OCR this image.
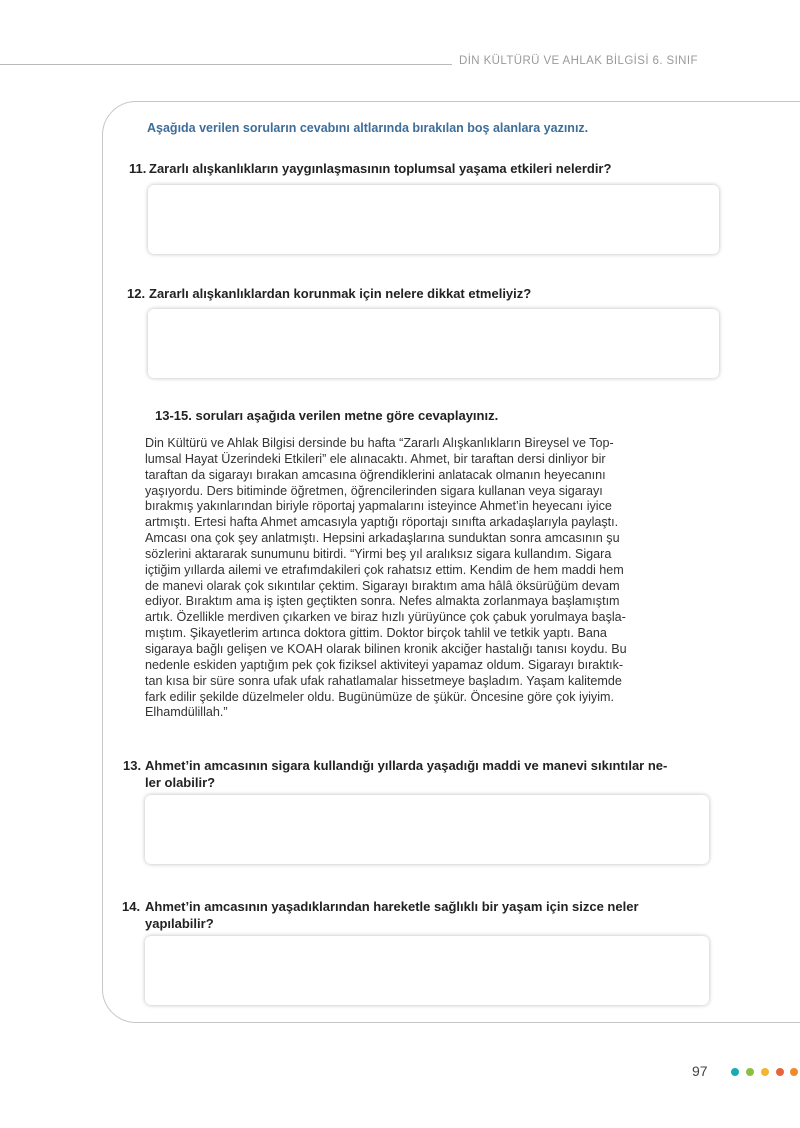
DİN KÜLTÜRÜ VE AHLAK BİLGİSİ 6. SINIF
Aşağıda verilen soruların cevabını altlarında bırakılan boş alanlara yazınız.
11. Zararlı alışkanlıkların yaygınlaşmasının toplumsal yaşama etkileri nelerdir?
12. Zararlı alışkanlıklardan korunmak için nelere dikkat etmeliyiz?
13-15. soruları aşağıda verilen metne göre cevaplayınız.
Din Kültürü ve Ahlak Bilgisi dersinde bu hafta “Zararlı Alışkanlıkların Bireysel ve Top-
lumsal Hayat Üzerindeki Etkileri” ele alınacaktı. Ahmet, bir taraftan dersi dinliyor bir
taraftan da sigarayı bırakan amcasına öğrendiklerini anlatacak olmanın heyecanını
yaşıyordu. Ders bitiminde öğretmen, öğrencilerinden sigara kullanan veya sigarayı
bırakmış yakınlarından biriyle röportaj yapmalarını isteyince Ahmet’in heyecanı iyice
artmıştı. Ertesi hafta Ahmet amcasıyla yaptığı röportajı sınıfta arkadaşlarıyla paylaştı.
Amcası ona çok şey anlatmıştı. Hepsini arkadaşlarına sunduktan sonra amcasının şu
sözlerini aktararak sunumunu bitirdi. “Yirmi beş yıl aralıksız sigara kullandım. Sigara
içtiğim yıllarda ailemi ve etrafımdakileri çok rahatsız ettim. Kendim de hem maddi hem
de manevi olarak çok sıkıntılar çektim. Sigarayı bıraktım ama hâlâ öksürüğüm devam
ediyor. Bıraktım ama iş işten geçtikten sonra. Nefes almakta zorlanmaya başlamıştım
artık. Özellikle merdiven çıkarken ve biraz hızlı yürüyünce çok çabuk yorulmaya başla-
mıştım. Şikayetlerim artınca doktora gittim. Doktor birçok tahlil ve tetkik yaptı. Bana
sigaraya bağlı gelişen ve KOAH olarak bilinen kronik akciğer hastalığı tanısı koydu. Bu
nedenle eskiden yaptığım pek çok fiziksel aktiviteyi yapamaz oldum. Sigarayı bıraktık-
tan kısa bir süre sonra ufak ufak rahatlamalar hissetmeye başladım. Yaşam kalitemde
fark edilir şekilde düzelmeler oldu. Bugünümüze de şükür. Öncesine göre çok iyiyim.
Elhamdülillah.”
13. Ahmet’in amcasının sigara kullandığı yıllarda yaşadığı maddi ve manevi sıkıntılar ne-
ler olabilir?
14. Ahmet’in amcasının yaşadıklarından hareketle sağlıklı bir yaşam için sizce neler
yapılabilir?
97
